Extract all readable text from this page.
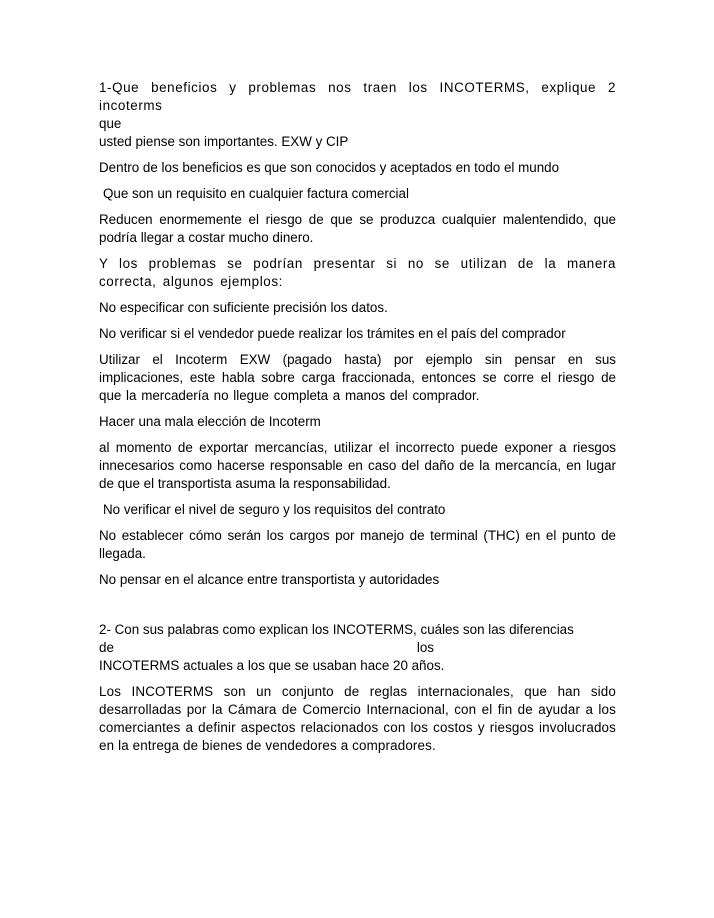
1-Que beneficios y problemas nos traen los INCOTERMS, explique 2 incoterms
que
usted piense son importantes. EXW y CIP

Dentro de los beneficios es que son conocidos y aceptados en todo el mundo

Que son un requisito en cualquier factura comercial

Reducen enormemente el riesgo de que se produzca cualquier malentendido, que podría llegar a costar mucho dinero.

Y los problemas se podrían presentar si no se utilizan de la manera correcta, algunos ejemplos:

No especificar con suficiente precisión los datos.

No verificar si el vendedor puede realizar los trámites en el país del comprador

Utilizar el Incoterm EXW (pagado hasta) por ejemplo sin pensar en sus implicaciones, este habla sobre carga fraccionada, entonces se corre el riesgo de que la mercadería no llegue completa a manos del comprador.

Hacer una mala elección de Incoterm

al momento de exportar mercancías, utilizar el incorrecto puede exponer a riesgos innecesarios como hacerse responsable en caso del daño de la mercancía, en lugar de que el transportista asuma la responsabilidad.

No verificar el nivel de seguro y los requisitos del contrato

No establecer cómo serán los cargos por manejo de terminal (THC) en el punto de llegada.

No pensar en el alcance entre transportista y autoridades

2- Con sus palabras como explican los INCOTERMS, cuáles son las diferencias
de	los
INCOTERMS actuales a los que se usaban hace 20 años.

Los INCOTERMS son un conjunto de reglas internacionales, que han sido desarrolladas por la Cámara de Comercio Internacional, con el fin de ayudar a los comerciantes a definir aspectos relacionados con los costos y riesgos involucrados en la entrega de bienes de vendedores a compradores.
